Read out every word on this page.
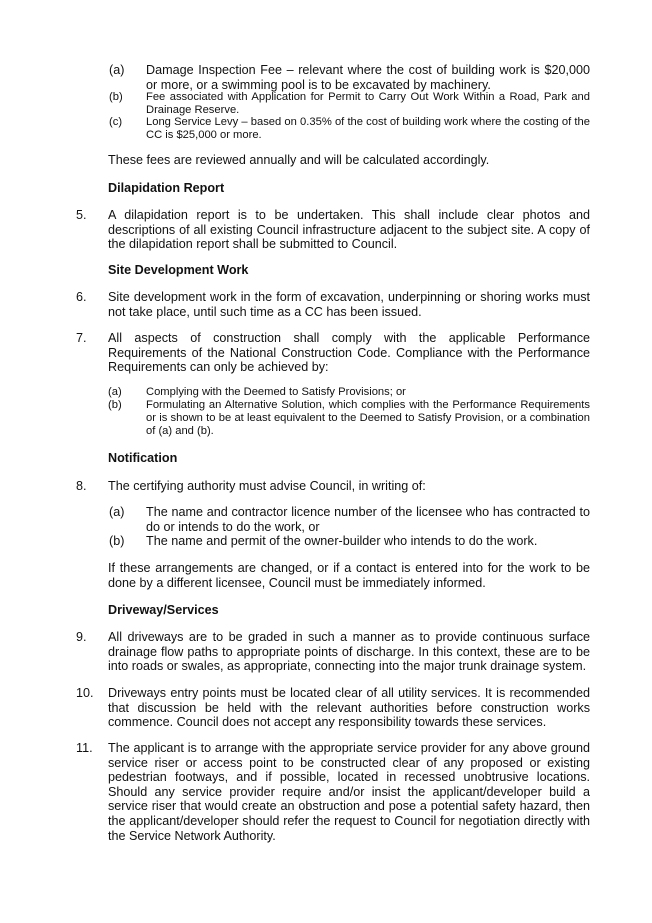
(a) Damage Inspection Fee – relevant where the cost of building work is $20,000 or more, or a swimming pool is to be excavated by machinery.
(b) Fee associated with Application for Permit to Carry Out Work Within a Road, Park and Drainage Reserve.
(c) Long Service Levy – based on 0.35% of the cost of building work where the costing of the CC is $25,000 or more.
These fees are reviewed annually and will be calculated accordingly.
Dilapidation Report
5. A dilapidation report is to be undertaken. This shall include clear photos and descriptions of all existing Council infrastructure adjacent to the subject site. A copy of the dilapidation report shall be submitted to Council.
Site Development Work
6. Site development work in the form of excavation, underpinning or shoring works must not take place, until such time as a CC has been issued.
7. All aspects of construction shall comply with the applicable Performance Requirements of the National Construction Code. Compliance with the Performance Requirements can only be achieved by:
(a) Complying with the Deemed to Satisfy Provisions; or
(b) Formulating an Alternative Solution, which complies with the Performance Requirements or is shown to be at least equivalent to the Deemed to Satisfy Provision, or a combination of (a) and (b).
Notification
8. The certifying authority must advise Council, in writing of:
(a) The name and contractor licence number of the licensee who has contracted to do or intends to do the work, or
(b) The name and permit of the owner-builder who intends to do the work.
If these arrangements are changed, or if a contact is entered into for the work to be done by a different licensee, Council must be immediately informed.
Driveway/Services
9. All driveways are to be graded in such a manner as to provide continuous surface drainage flow paths to appropriate points of discharge. In this context, these are to be into roads or swales, as appropriate, connecting into the major trunk drainage system.
10. Driveways entry points must be located clear of all utility services. It is recommended that discussion be held with the relevant authorities before construction works commence. Council does not accept any responsibility towards these services.
11. The applicant is to arrange with the appropriate service provider for any above ground service riser or access point to be constructed clear of any proposed or existing pedestrian footways, and if possible, located in recessed unobtrusive locations. Should any service provider require and/or insist the applicant/developer build a service riser that would create an obstruction and pose a potential safety hazard, then the applicant/developer should refer the request to Council for negotiation directly with the Service Network Authority.
